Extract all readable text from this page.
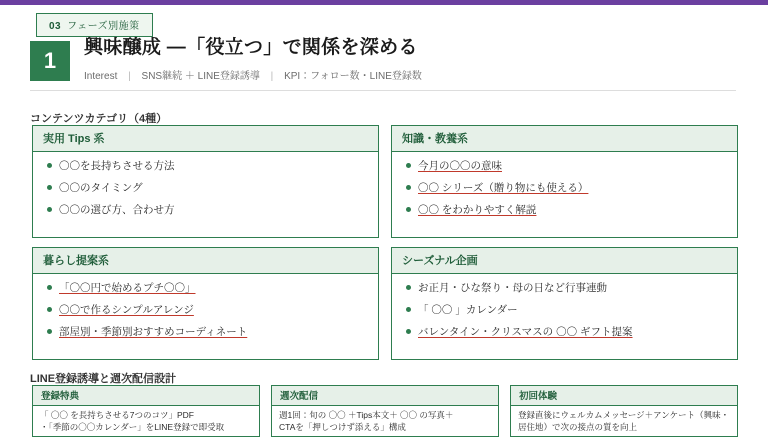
03 フェーズ別施策
1
興味醸成 ―「役立つ」で関係を深める
Interest | SNS継続 ＋ LINE登録誘導 | KPI：フォロー数・LINE登録数
コンテンツカテゴリ（4種）
実用 Tips 系
〇〇を長持ちさせる方法
〇〇のタイミング
〇〇の選び方、合わせ方
知識・教養系
今月の〇〇の意味
〇〇 シリーズ（贈り物にも使える）
〇〇 をわかりやすく解説
暮らし提案系
「〇〇円で始めるプチ〇〇」
〇〇で作るシンプルアレンジ
部屋別・季節別おすすめコーディネート
シーズナル企画
お正月・ひな祭り・母の日など行事連動
「 〇〇 」カレンダー
バレンタイン・クリスマスの 〇〇 ギフト提案
LINE登録誘導と週次配信設計
登録特典
「 〇〇 を長持ちさせる7つのコツ」PDF
・「季節の〇〇カレンダー」をLINE登録で即受取
週次配信
週1回：旬の 〇〇 ＋Tips本文＋ 〇〇 の写真＋
CTAを「押しつけず添える」構成
初回体験
登録直後にウェルカムメッセージ＋アンケート（興味・
居住地）で次の接点の質を向上
